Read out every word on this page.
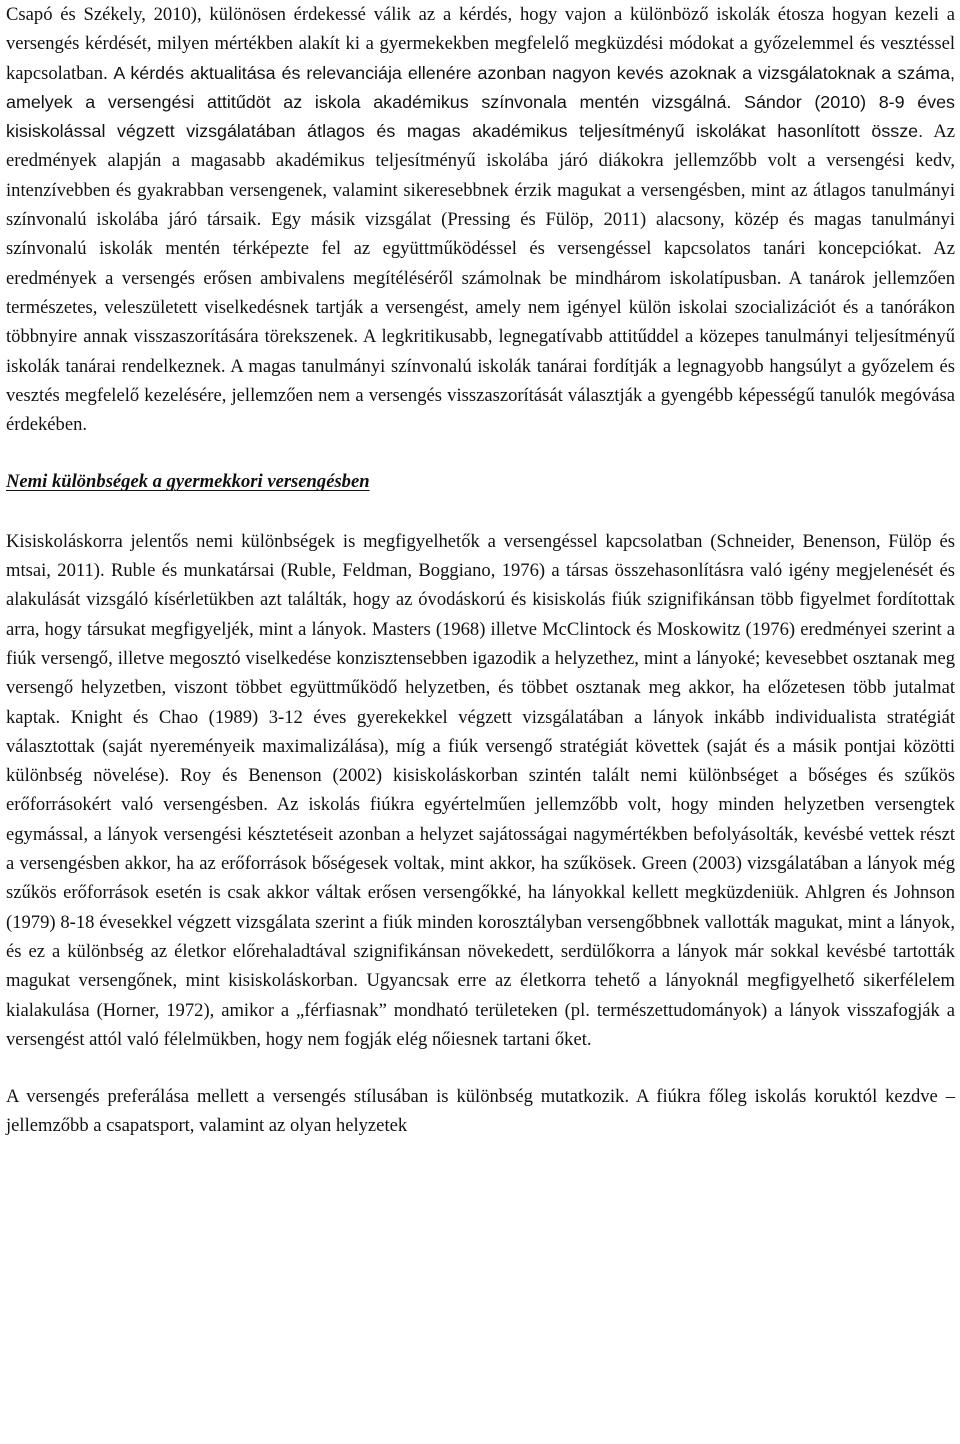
Csapó és Székely, 2010), különösen érdekessé válik az a kérdés, hogy vajon a különböző iskolák étosza hogyan kezeli a versengés kérdését, milyen mértékben alakít ki a gyermekekben megfelelő megküzdési módokat a győzelemmel és vesztéssel kapcsolatban. A kérdés aktualitása és relevanciája ellenére azonban nagyon kevés azoknak a vizsgálatoknak a száma, amelyek a versengési attitűdöt az iskola akadémikus színvonala mentén vizsgálná. Sándor (2010) 8-9 éves kisiskolással végzett vizsgálatában átlagos és magas akadémikus teljesítményű iskolákat hasonlított össze. Az eredmények alapján a magasabb akadémikus teljesítményű iskolába járó diákokra jellemzőbb volt a versengési kedv, intenzívebben és gyakrabban versengenek, valamint sikeresebbnek érzik magukat a versengésben, mint az átlagos tanulmányi színvonalú iskolába járó társaik. Egy másik vizsgálat (Pressing és Fülöp, 2011) alacsony, közép és magas tanulmányi színvonalú iskolák mentén térképezte fel az együttműködéssel és versengéssel kapcsolatos tanári koncepciókat. Az eredmények a versengés erősen ambivalens megítéléséről számolnak be mindhárom iskolatípusban. A tanárok jellemzően természetes, veleszületett viselkedésnek tartják a versengést, amely nem igényel külön iskolai szocializációt és a tanórákon többnyire annak visszaszorítására törekszenek. A legkritikusabb, legnegatívabb attitűddel a közepes tanulmányi teljesítményű iskolák tanárai rendelkeznek. A magas tanulmányi színvonalú iskolák tanárai fordítják a legnagyobb hangsúlyt a győzelem és vesztés megfelelő kezelésére, jellemzően nem a versengés visszaszorítását választják a gyengébb képességű tanulók megóvása érdekében.

Nemi különbségek a gyermekkori versengésben

Kisiskoláskorra jelentős nemi különbségek is megfigyelhetők a versengéssel kapcsolatban (Schneider, Benenson, Fülöp és mtsai, 2011). Ruble és munkatársai (Ruble, Feldman, Boggiano, 1976) a társas összehasonlításra való igény megjelenését és alakulását vizsgáló kísérletükben azt találták, hogy az óvodáskorú és kisiskolás fiúk szignifikánsan több figyelmet fordítottak arra, hogy társukat megfigyeljék, mint a lányok. Masters (1968) illetve McClintock és Moskowitz (1976) eredményei szerint a fiúk versengő, illetve megosztó viselkedése konzisztensebben igazodik a helyzethez, mint a lányoké; kevesebbet osztanak meg versengő helyzetben, viszont többet együttműködő helyzetben, és többet osztanak meg akkor, ha előzetesen több jutalmat kaptak. Knight és Chao (1989) 3-12 éves gyerekekkel végzett vizsgálatában a lányok inkább individualista stratégiát választottak (saját nyereményeik maximalizálása), míg a fiúk versengő stratégiát követtek (saját és a másik pontjai közötti különbség növelése). Roy és Benenson (2002) kisiskoláskorban szintén talált nemi különbséget a bőséges és szűkös erőforrásokért való versengésben. Az iskolás fiúkra egyértelműen jellemzőbb volt, hogy minden helyzetben versengtek egymással, a lányok versengési késztetéseit azonban a helyzet sajátosságai nagymértékben befolyásolták, kevésbé vettek részt a versengésben akkor, ha az erőforrások bőségesek voltak, mint akkor, ha szűkösek. Green (2003) vizsgálatában a lányok még szűkös erőforrások esetén is csak akkor váltak erősen versengőkké, ha lányokkal kellett megküzdeniük. Ahlgren és Johnson (1979) 8-18 évesekkel végzett vizsgálata szerint a fiúk minden korosztályban versengőbbnek vallották magukat, mint a lányok, és ez a különbség az életkor előrehaladtával szignifikánsan növekedett, serdülőkorra a lányok már sokkal kevésbé tartották magukat versengőnek, mint kisiskoláskorban. Ugyancsak erre az életkorra tehető a lányoknál megfigyelhető sikerfélelem kialakulása (Horner, 1972), amikor a „férfiasnak” mondható területeken (pl. természettudományok) a lányok visszafogják a versengést attól való félelmükben, hogy nem fogják elég nőiesnek tartani őket.

A versengés preferálása mellett a versengés stílusában is különbség mutatkozik. A fiúkra főleg iskolás koruktól kezdve – jellemzőbb a csapatsport, valamint az olyan helyzetek
